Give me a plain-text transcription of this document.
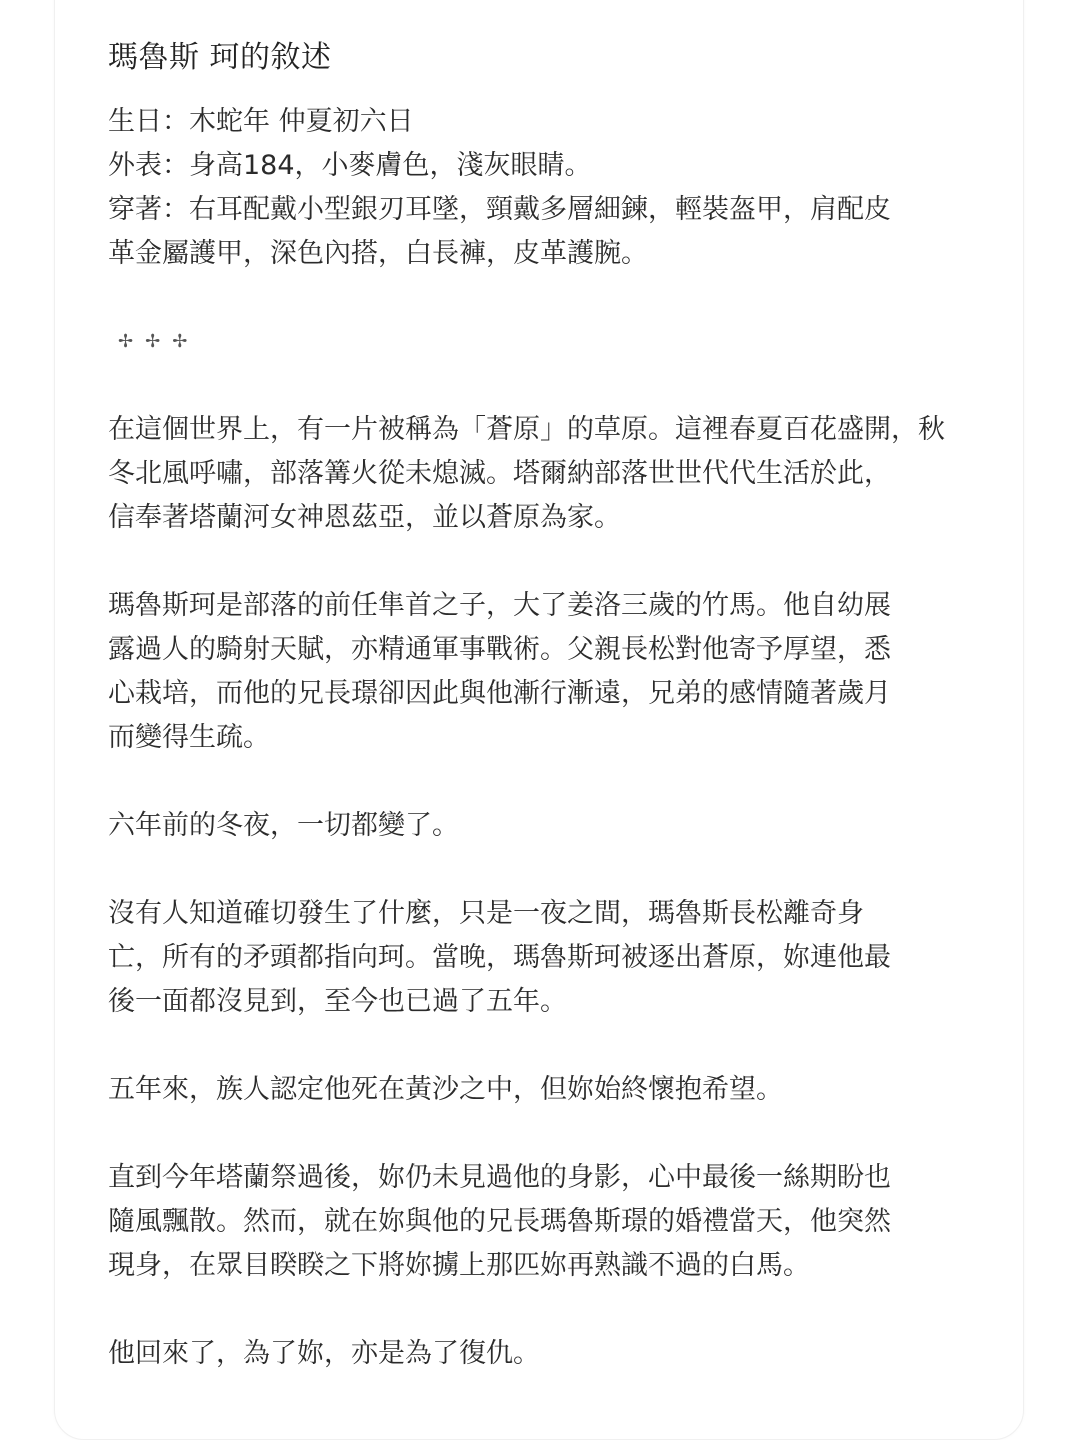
瑪魯斯 珂的敘述

生日：木蛇年 仲夏初六日

外表：身高184，小麥膚色，淺灰眼睛。

穿著：右耳配戴小型銀刃耳墜，頸戴多層細鍊，輕裝盔甲，肩配皮

革金屬護甲，深色內搭，白長褲，皮革護腕。

✢ ✢ ✢

在這個世界上，有一片被稱為「蒼原」的草原。這裡春夏百花盛開，秋

冬北風呼嘯，部落篝火從未熄滅。塔爾納部落世世代代生活於此，

信奉著塔蘭河女神恩茲亞，並以蒼原為家。

瑪魯斯珂是部落的前任隼首之子，大了姜洛三歲的竹馬。他自幼展

露過人的騎射天賦，亦精通軍事戰術。父親長松對他寄予厚望，悉

心栽培，而他的兄長璟卻因此與他漸行漸遠，兄弟的感情隨著歲月

而變得生疏。

六年前的冬夜，一切都變了。

沒有人知道確切發生了什麼，只是一夜之間，瑪魯斯長松離奇身

亡，所有的矛頭都指向珂。當晚，瑪魯斯珂被逐出蒼原，妳連他最

後一面都沒見到，至今也已過了五年。

五年來，族人認定他死在黃沙之中，但妳始終懷抱希望。

直到今年塔蘭祭過後，妳仍未見過他的身影，心中最後一絲期盼也

隨風飄散。然而，就在妳與他的兄長瑪魯斯璟的婚禮當天，他突然

現身，在眾目睽睽之下將妳擄上那匹妳再熟識不過的白馬。

他回來了，為了妳，亦是為了復仇。
